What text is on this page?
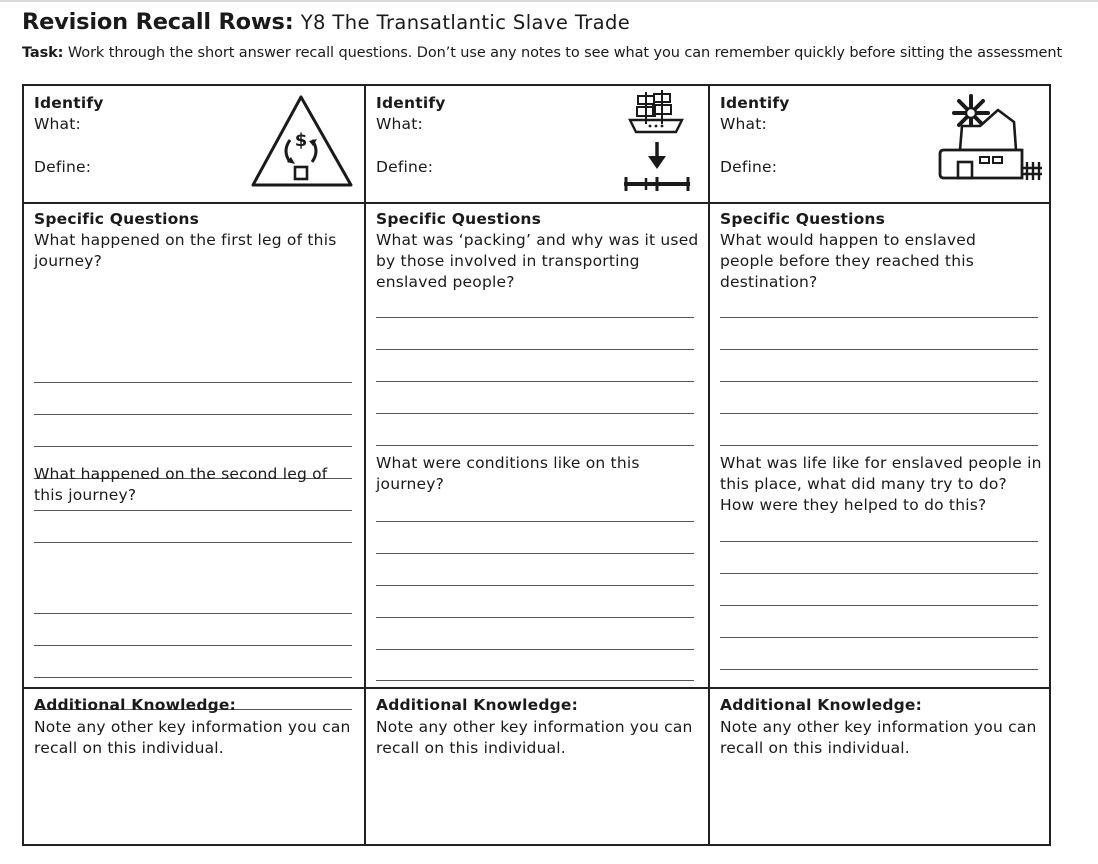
Revision Recall Rows: Y8 The Transatlantic Slave Trade
Task: Work through the short answer recall questions. Don’t use any notes to see what you can remember quickly before sitting the assessment
Identify
What:
Define:
$
Specific Questions
What happened on the first leg of this journey?
What happened on the second leg of this journey?
Additional Knowledge:
Note any other key information you can recall on this individual.
Identify
What:
Define:
Specific Questions
What was ‘packing’ and why was it used by those involved in transporting enslaved people?
What were conditions like on this journey?
Additional Knowledge:
Note any other key information you can recall on this individual.
Identify
What:
Define:
Specific Questions
What would happen to enslaved people before they reached this destination?
What was life like for enslaved people in this place, what did many try to do? How were they helped to do this?
Additional Knowledge:
Note any other key information you can recall on this individual.
